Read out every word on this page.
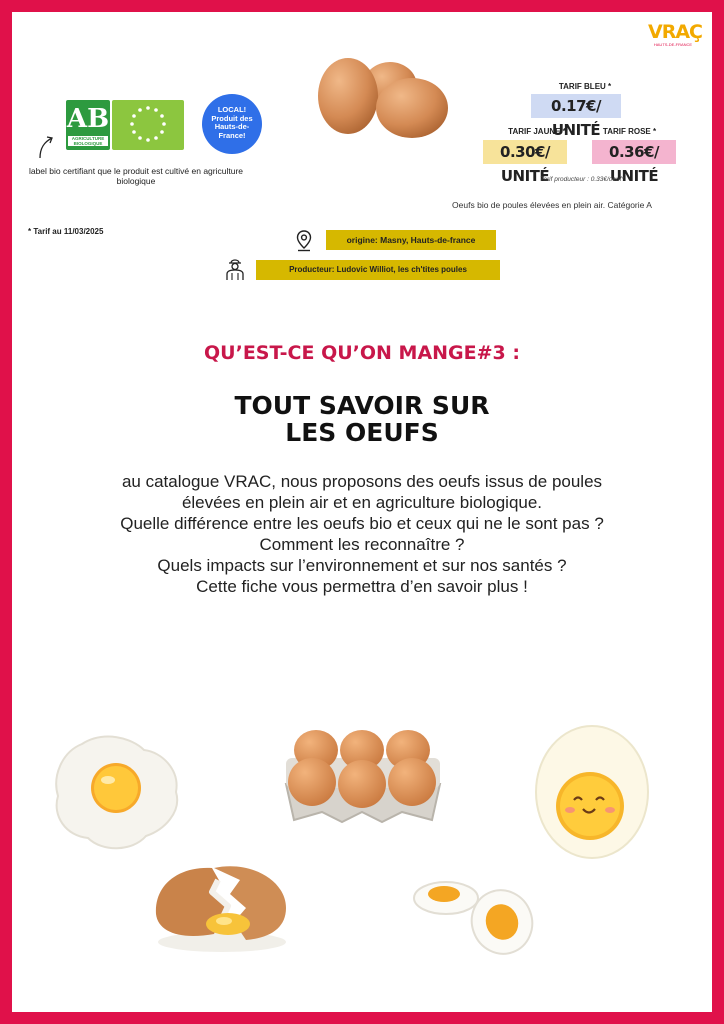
VRAÇ
HAUTS-DE-FRANCE
AB
AGRICULTURE BIOLOGIQUE
LOCAL!
Produit des
Hauts-de-
France!
label bio certifiant que le produit est cultivé en agriculture biologique
TARIF BLEU *
0.17€/ UNITÉ
TARIF JAUNE *
0.30€/ UNITÉ
TARIF ROSE *
0.36€/ UNITÉ
Tarif producteur : 0.33€/oeuf*
Oeufs bio de poules élevées en plein air. Catégorie A
* Tarif au 11/03/2025
origine: Masny, Hauts-de-france
Producteur: Ludovic Williot, les ch'tites poules
QU’EST-CE QU’ON MANGE#3 :
TOUT SAVOIR SUR
LES OEUFS
au catalogue VRAC, nous proposons des oeufs issus de poules
élevées en plein air et en agriculture biologique.
Quelle différence entre les oeufs bio et ceux qui ne le sont pas ?
Comment les reconnaître ?
Quels impacts sur l’environnement et sur nos santés ?
Cette fiche vous permettra d’en savoir plus !
